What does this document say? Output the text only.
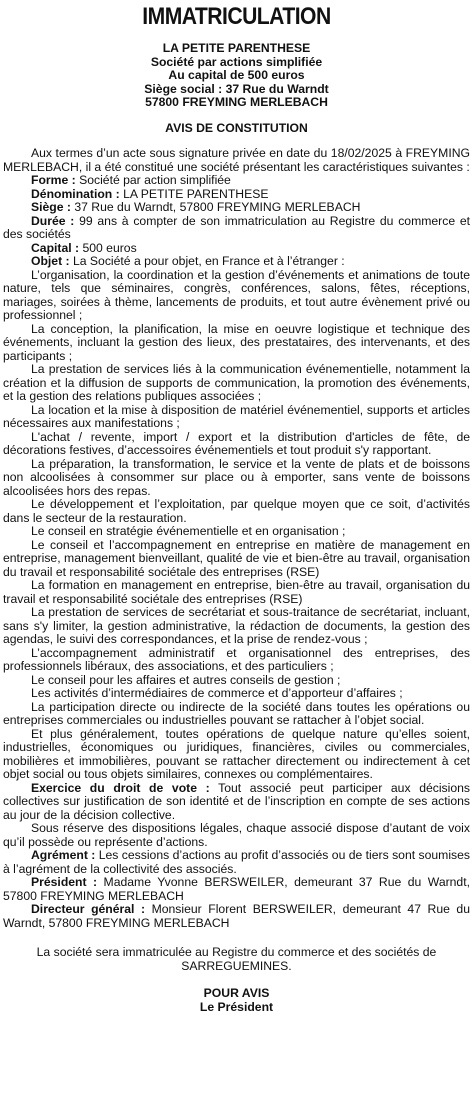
IMMATRICULATION
LA PETITE PARENTHESE
Société par actions simplifiée
Au capital de 500 euros
Siège social : 37 Rue du Warndt
57800 FREYMING MERLEBACH
AVIS DE CONSTITUTION

Aux termes d’un acte sous signature privée en date du 18/02/2025 à FREYMING MERLEBACH, il a été constitué une société présentant les caractéristiques suivantes :

Forme : Société par action simplifiée

Dénomination : LA PETITE PARENTHESE

Siège : 37 Rue du Warndt, 57800 FREYMING MERLEBACH

Durée : 99 ans à compter de son immatriculation au Registre du commerce et des sociétés

Capital : 500 euros

Objet : La Société a pour objet, en France et à l’étranger :

L’organisation, la coordination et la gestion d’événements et animations de toute nature, tels que séminaires, congrès, conférences, salons, fêtes, réceptions, mariages, soirées à thème, lancements de produits, et tout autre évènement privé ou professionnel ;

La conception, la planification, la mise en oeuvre logistique et technique des événements, incluant la gestion des lieux, des prestataires, des intervenants, et des participants ;

La prestation de services liés à la communication événementielle, notamment la création et la diffusion de supports de communication, la promotion des événements, et la gestion des relations publiques associées ;

La location et la mise à disposition de matériel événementiel, supports et articles nécessaires aux manifestations ;

L'achat / revente, import / export et la distribution d'articles de fête, de décorations festives, d’accessoires événementiels et tout produit s'y rapportant.

La préparation, la transformation, le service et la vente de plats et de boissons non alcoolisées à consommer sur place ou à emporter, sans vente de boissons alcoolisées hors des repas.

Le développement et l’exploitation, par quelque moyen que ce soit, d’activités dans le secteur de la restauration.

Le conseil en stratégie événementielle et en organisation ;

Le conseil et l’accompagnement en entreprise en matière de management en entreprise, management bienveillant, qualité de vie et bien-être au travail, organisation du travail et responsabilité sociétale des entreprises (RSE)

La formation en management en entreprise, bien-être au travail, organisation du travail et responsabilité sociétale des entreprises (RSE)

La prestation de services de secrétariat et sous-traitance de secrétariat, incluant, sans s'y limiter, la gestion administrative, la rédaction de documents, la gestion des agendas, le suivi des correspondances, et la prise de rendez-vous ;

L’accompagnement administratif et organisationnel des entreprises, des professionnels libéraux, des associations, et des particuliers ;

Le conseil pour les affaires et autres conseils de gestion ;

Les activités d’intermédiaires de commerce et d’apporteur d’affaires ;

La participation directe ou indirecte de la société dans toutes les opérations ou entreprises commerciales ou industrielles pouvant se rattacher à l’objet social.

Et plus généralement, toutes opérations de quelque nature qu’elles soient, industrielles, économiques ou juridiques, financières, civiles ou commerciales, mobilières et immobilières, pouvant se rattacher directement ou indirectement à cet objet social ou tous objets similaires, connexes ou complémentaires.

Exercice du droit de vote : Tout associé peut participer aux décisions collectives sur justification de son identité et de l’inscription en compte de ses actions au jour de la décision collective.

Sous réserve des dispositions légales, chaque associé dispose d’autant de voix qu’il possède ou représente d’actions.

Agrément : Les cessions d’actions au profit d’associés ou de tiers sont soumises à l’agrément de la collectivité des associés.

Président : Madame Yvonne BERSWEILER, demeurant 37 Rue du Warndt, 57800 FREYMING MERLEBACH

Directeur général : Monsieur Florent BERSWEILER, demeurant 47 Rue du Warndt, 57800 FREYMING MERLEBACH

La société sera immatriculée au Registre du commerce et des sociétés de SARREGUEMINES.
POUR AVIS
Le Président
